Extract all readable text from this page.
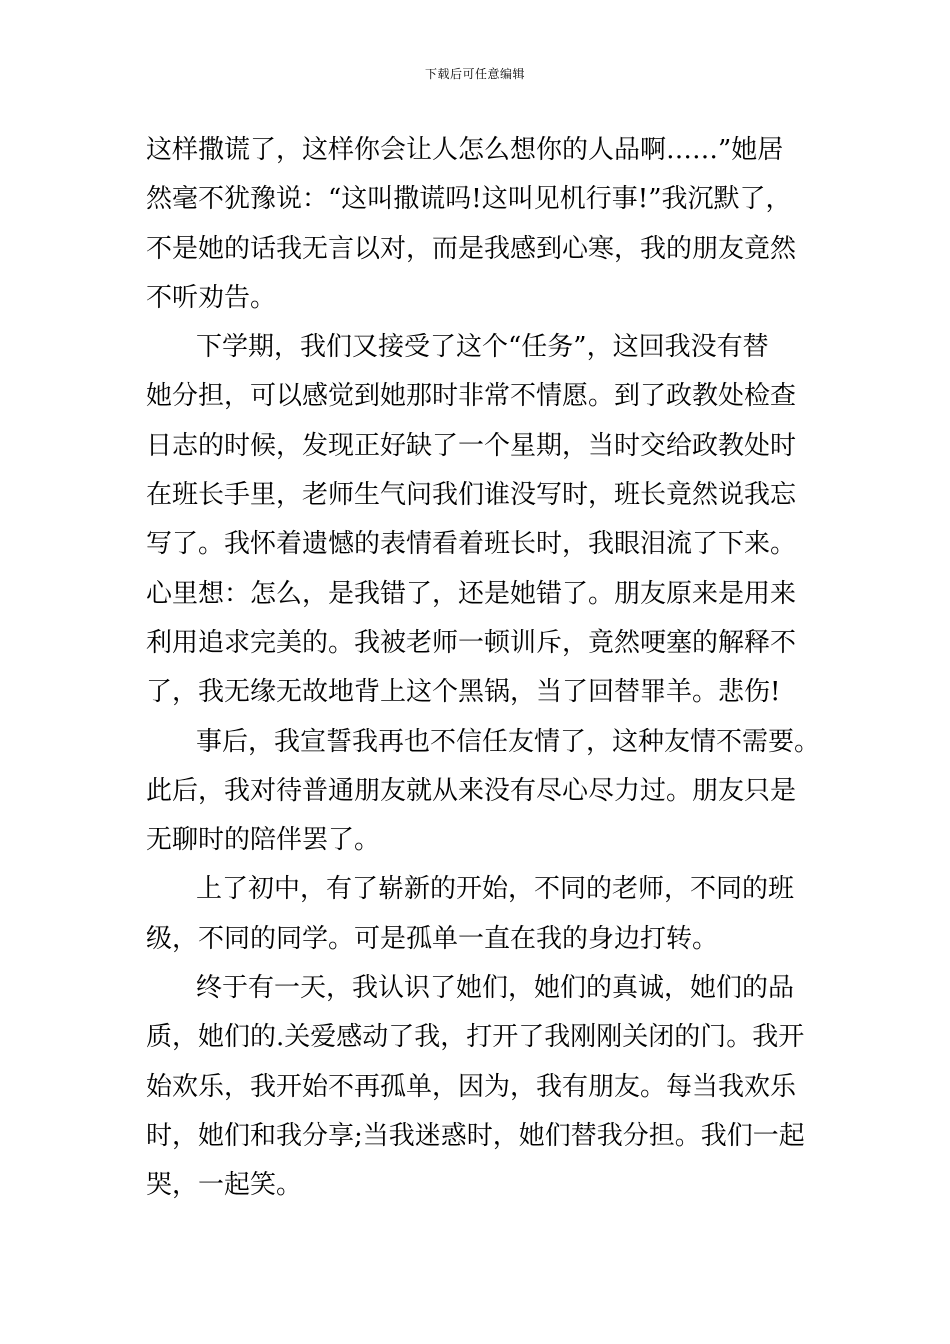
下载后可任意编辑
这样撒谎了，这样你会让人怎么想你的人品啊……”她居
然毫不犹豫说：“这叫撒谎吗!这叫见机行事!”我沉默了，
不是她的话我无言以对，而是我感到心寒，我的朋友竟然
不听劝告。
下学期，我们又接受了这个“任务”，这回我没有替
她分担，可以感觉到她那时非常不情愿。到了政教处检查
日志的时候，发现正好缺了一个星期，当时交给政教处时
在班长手里，老师生气问我们谁没写时，班长竟然说我忘
写了。我怀着遗憾的表情看着班长时，我眼泪流了下来。
心里想：怎么，是我错了，还是她错了。朋友原来是用来
利用追求完美的。我被老师一顿训斥，竟然哽塞的解释不
了，我无缘无故地背上这个黑锅，当了回替罪羊。悲伤!
事后，我宣誓我再也不信任友情了，这种友情不需要。
此后，我对待普通朋友就从来没有尽心尽力过。朋友只是
无聊时的陪伴罢了。
上了初中，有了崭新的开始，不同的老师，不同的班
级，不同的同学。可是孤单一直在我的身边打转。
终于有一天，我认识了她们，她们的真诚，她们的品
质，她们的.关爱感动了我，打开了我刚刚关闭的门。我开
始欢乐，我开始不再孤单，因为，我有朋友。每当我欢乐
时，她们和我分享;当我迷惑时，她们替我分担。我们一起
哭，一起笑。
